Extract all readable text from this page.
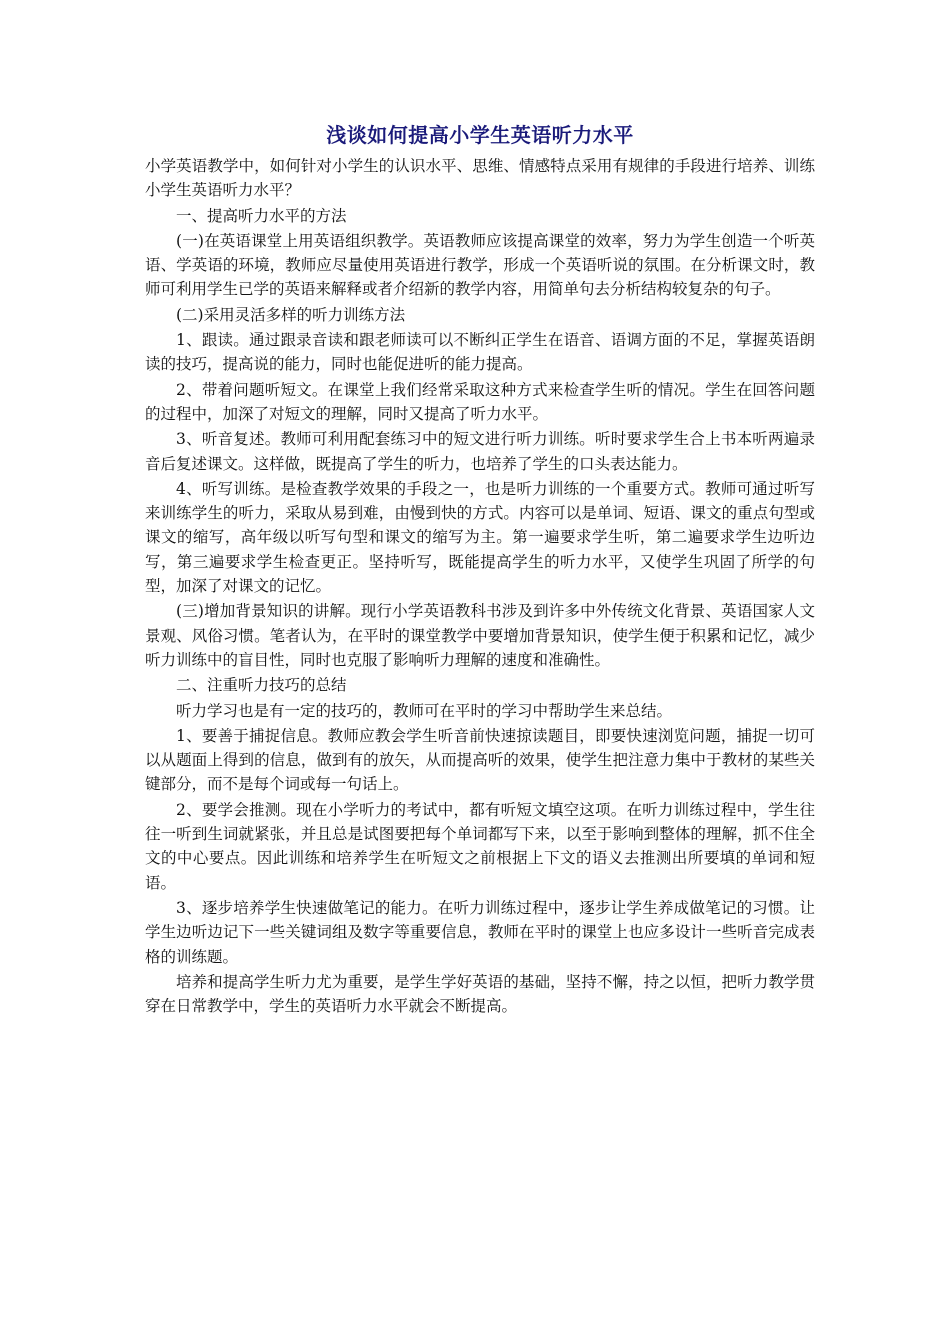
浅谈如何提高小学生英语听力水平
小学英语教学中，如何针对小学生的认识水平、思维、情感特点采用有规律的手段进行培养、训练小学生英语听力水平？
一、提高听力水平的方法
(一)在英语课堂上用英语组织教学。英语教师应该提高课堂的效率，努力为学生创造一个听英语、学英语的环境，教师应尽量使用英语进行教学，形成一个英语听说的氛围。在分析课文时，教师可利用学生已学的英语来解释或者介绍新的教学内容，用简单句去分析结构较复杂的句子。
(二)采用灵活多样的听力训练方法
1、跟读。通过跟录音读和跟老师读可以不断纠正学生在语音、语调方面的不足，掌握英语朗读的技巧，提高说的能力，同时也能促进听的能力提高。
2、带着问题听短文。在课堂上我们经常采取这种方式来检查学生听的情况。学生在回答问题的过程中，加深了对短文的理解，同时又提高了听力水平。
3、听音复述。教师可利用配套练习中的短文进行听力训练。听时要求学生合上书本听两遍录音后复述课文。这样做，既提高了学生的听力，也培养了学生的口头表达能力。
4、听写训练。是检查教学效果的手段之一，也是听力训练的一个重要方式。教师可通过听写来训练学生的听力，采取从易到难，由慢到快的方式。内容可以是单词、短语、课文的重点句型或课文的缩写，高年级以听写句型和课文的缩写为主。第一遍要求学生听，第二遍要求学生边听边写，第三遍要求学生检查更正。坚持听写，既能提高学生的听力水平，又使学生巩固了所学的句型，加深了对课文的记忆。
(三)增加背景知识的讲解。现行小学英语教科书涉及到许多中外传统文化背景、英语国家人文景观、风俗习惯。笔者认为，在平时的课堂教学中要增加背景知识，使学生便于积累和记忆，减少听力训练中的盲目性，同时也克服了影响听力理解的速度和准确性。
二、注重听力技巧的总结
听力学习也是有一定的技巧的，教师可在平时的学习中帮助学生来总结。
1、要善于捕捉信息。教师应教会学生听音前快速掠读题目，即要快速浏览问题，捕捉一切可以从题面上得到的信息，做到有的放矢，从而提高听的效果，使学生把注意力集中于教材的某些关键部分，而不是每个词或每一句话上。
2、要学会推测。现在小学听力的考试中，都有听短文填空这项。在听力训练过程中，学生往往一听到生词就紧张，并且总是试图要把每个单词都写下来，以至于影响到整体的理解，抓不住全文的中心要点。因此训练和培养学生在听短文之前根据上下文的语义去推测出所要填的单词和短语。
3、逐步培养学生快速做笔记的能力。在听力训练过程中，逐步让学生养成做笔记的习惯。让学生边听边记下一些关键词组及数字等重要信息，教师在平时的课堂上也应多设计一些听音完成表格的训练题。
培养和提高学生听力尤为重要，是学生学好英语的基础，坚持不懈，持之以恒，把听力教学贯穿在日常教学中，学生的英语听力水平就会不断提高。
